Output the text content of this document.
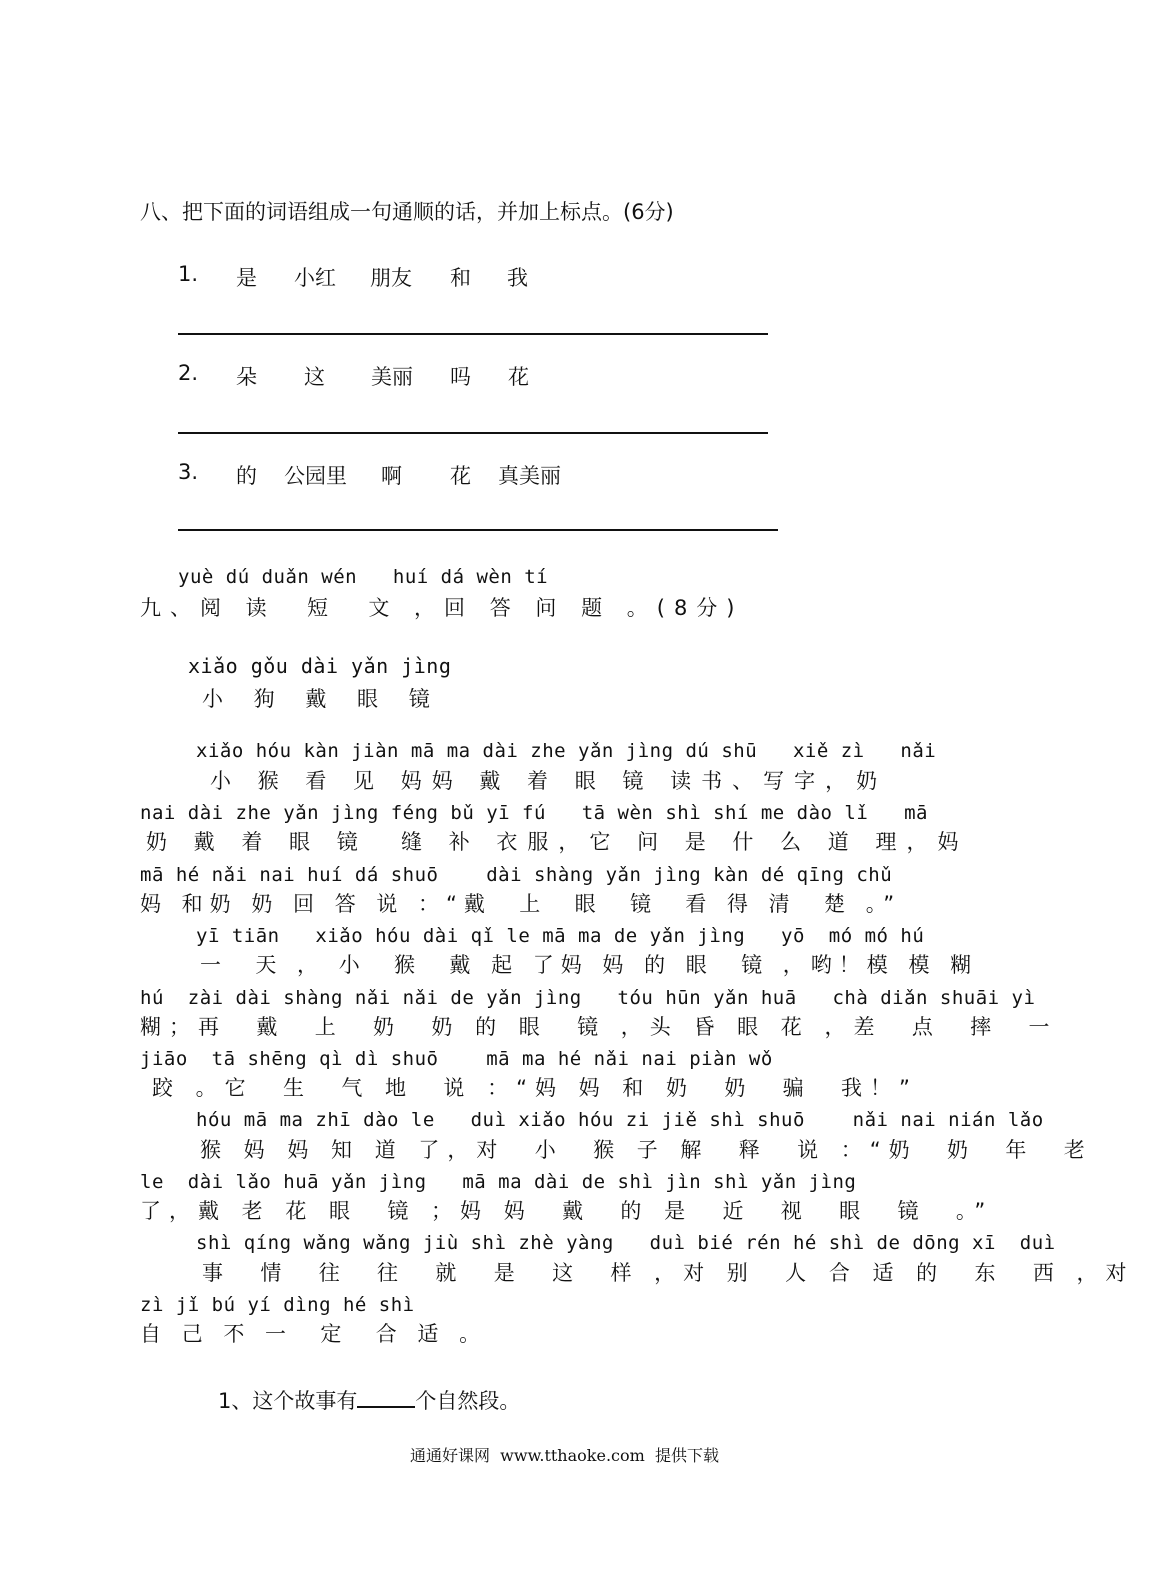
八、把下面的词语组成一句通顺的话，并加上标点。(6分)
1. 是 小红 朋友 和 我
2. 朵 这 美丽 吗 花
3. 的 公园里 啊 花 真美丽
yuè dú duǎn wén   huí dá wèn tí
九、阅 读  短  文 ，回 答 问 题 。(8分)
xiǎo gǒu dài yǎn jìng
小 狗 戴 眼 镜
xiǎo hóu kàn jiàn mā ma dài zhe yǎn jìng dú shū   xiě zì   nǎi
小 猴 看 见 妈妈 戴 着 眼 镜 读书、写字，奶
nai dài zhe yǎn jìng féng bǔ yī fú   tā wèn shì shí me dào lǐ   mā
奶 戴 着 眼 镜  缝 补 衣服，它 问 是 什 么 道 理，妈
mā hé nǎi nai huí dá shuō    dài shàng yǎn jìng kàn dé qīng chǔ
妈 和奶 奶 回 答 说 ：“戴  上  眼  镜  看 得 清  楚 。”
yī tiān   xiǎo hóu dài qǐ le mā ma de yǎn jìng   yō  mó mó hú
一  天 ， 小  猴  戴 起 了妈 妈 的 眼  镜 ，哟！模 模 糊
hú  zài dài shàng nǎi nǎi de yǎn jìng   tóu hūn yǎn huā   chà diǎn shuāi yì
糊；再  戴  上  奶  奶 的 眼  镜 ，头 昏 眼 花 ，差  点  摔  一
jiāo  tā shēng qì dì shuō    mā ma hé nǎi nai piàn wǒ
跤 。它  生  气 地  说 ：“妈 妈 和 奶  奶  骗  我！”
hóu mā ma zhī dào le   duì xiǎo hóu zi jiě shì shuō    nǎi nai nián lǎo
猴 妈 妈 知 道 了，对  小  猴 子 解  释  说 ：“奶  奶  年  老
le  dài lǎo huā yǎn jìng   mā ma dài de shì jìn shì yǎn jìng
了，戴 老 花 眼  镜 ；妈 妈  戴  的 是  近  视  眼  镜  。”
shì qíng wǎng wǎng jiù shì zhè yàng   duì bié rén hé shì de dōng xī  duì
事  情  往  往  就  是  这  样 ，对 别  人 合 适 的  东  西 ，对
zì jǐ bú yí dìng hé shì
自 己 不 一  定  合 适 。
1、这个故事有	个自然段。
通通好课网  www.tthaoke.com  提供下载
